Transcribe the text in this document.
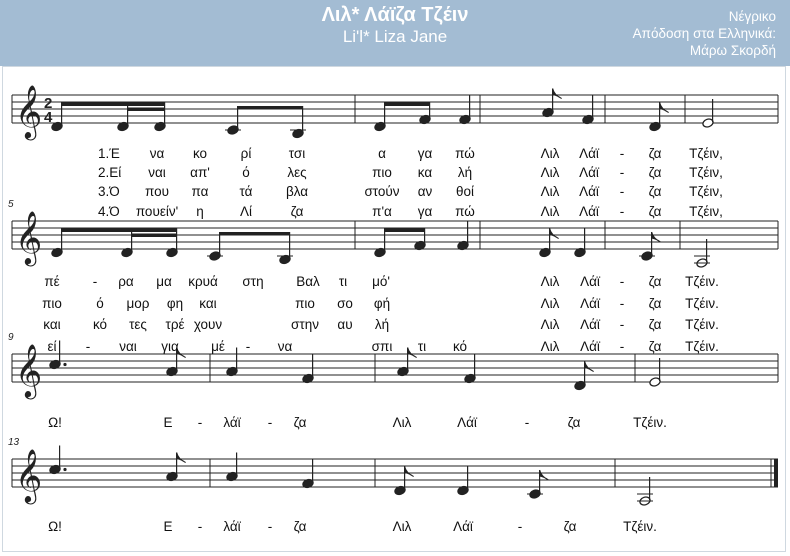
Λιλ* Λάϊζα Τζέιν
Li'l* Liza Jane
Νέγρικο
Απόδοση στα Ελληνικά:
Μάρω Σκορδή
𝄞 2
4
𝄞
5
𝄞
9
𝄞
13
1.Έ να κο ρί	τσι	α γα πώ	Λιλ Λάϊ - ζα Τζέιν,
2.Εί ναι απ' ό	λες	πιο κα λή	Λιλ Λάϊ - ζα Τζέιν,
3.Ό που πα τά βλα	στούν αν θοί	Λιλ Λάϊ - ζα Τζέιν,
4.Ό πουείν' η	Λί	ζα	π'α γα πώ	Λιλ Λάϊ - ζα Τζέιν,
πέ - ρα μα κρυά στη Βαλ τι μό'	Λιλ Λάϊ - ζα Τζέιν.
πιο	ό μορ φη και	πιο σο φή	Λιλ Λάϊ - ζα Τζέιν.
και κό τες τρέ χουν	στην αυ λή	Λιλ Λάϊ - ζα Τζέιν.
εί - ναι για μέ - να	σπι τι κό	Λιλ Λάϊ - ζα Τζέιν.
Ω!	Ε - λάϊ - ζα	Λιλ	Λάϊ	-	ζα	Τζέιν.
Ω!	Ε - λάϊ - ζα	Λιλ	Λάϊ	-	ζα	Τζέιν.
